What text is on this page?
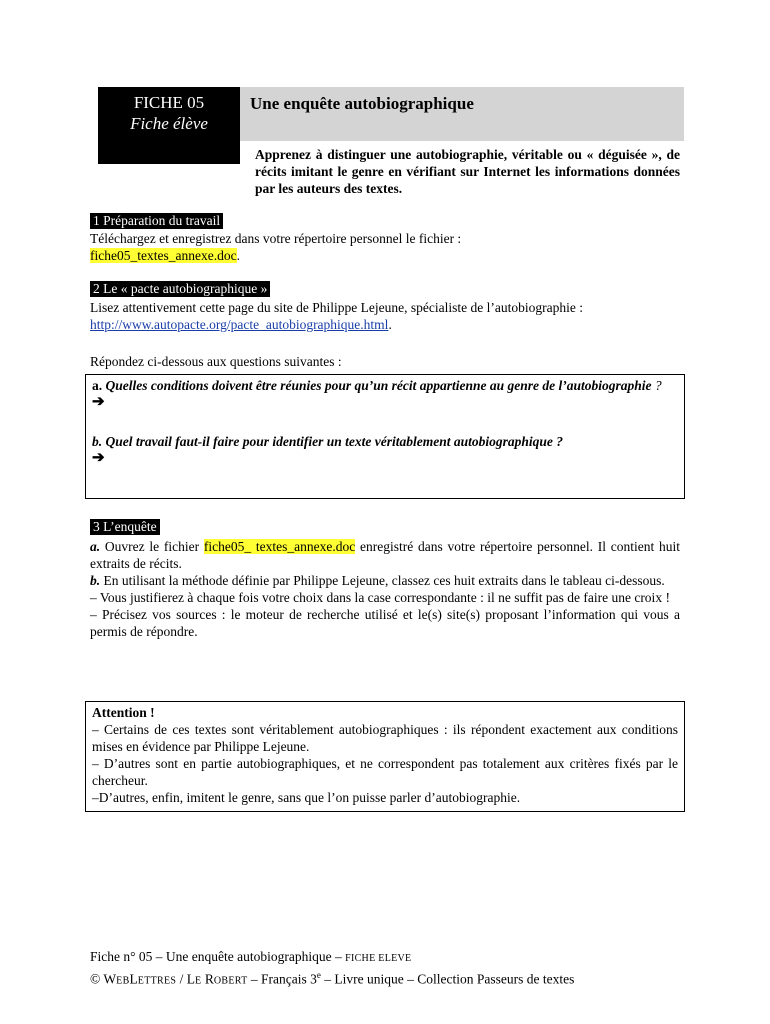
FICHE 05
Fiche élève
Une enquête autobiographique
Apprenez à distinguer une autobiographie, véritable ou « déguisée », de récits imitant le genre en vérifiant sur Internet les informations données par les auteurs des textes.
1 Préparation du travail
Téléchargez et enregistrez dans votre répertoire personnel le fichier :
fiche05_textes_annexe.doc.
2 Le « pacte autobiographique »
Lisez attentivement cette page du site de Philippe Lejeune, spécialiste de l’autobiographie :
http://www.autopacte.org/pacte_autobiographique.html.
Répondez ci-dessous aux questions suivantes :
a. Quelles conditions doivent être réunies pour qu’un récit appartienne au genre de l’autobiographie ?
➔
b. Quel travail faut-il faire pour identifier un texte véritablement autobiographique ?
➔
3 L’enquête
a. Ouvrez le fichier fiche05_ textes_annexe.doc enregistré dans votre répertoire personnel. Il contient huit extraits de récits.
b. En utilisant la méthode définie par Philippe Lejeune, classez ces huit extraits dans le tableau ci-dessous.
– Vous justifierez à chaque fois votre choix dans la case correspondante : il ne suffit pas de faire une croix !
– Précisez vos sources : le moteur de recherche utilisé et le(s) site(s) proposant l’information qui vous a permis de répondre.
Attention !
– Certains de ces textes sont véritablement autobiographiques : ils répondent exactement aux conditions mises en évidence par Philippe Lejeune.
– D’autres sont en partie autobiographiques, et ne correspondent pas totalement aux critères fixés par le chercheur.
–D’autres, enfin, imitent le genre, sans que l’on puisse parler d’autobiographie.
Fiche n° 05 – Une enquête autobiographique – FICHE ELEVE
© WEBLETTRES / LE ROBERT – Français 3e – Livre unique – Collection Passeurs de textes
